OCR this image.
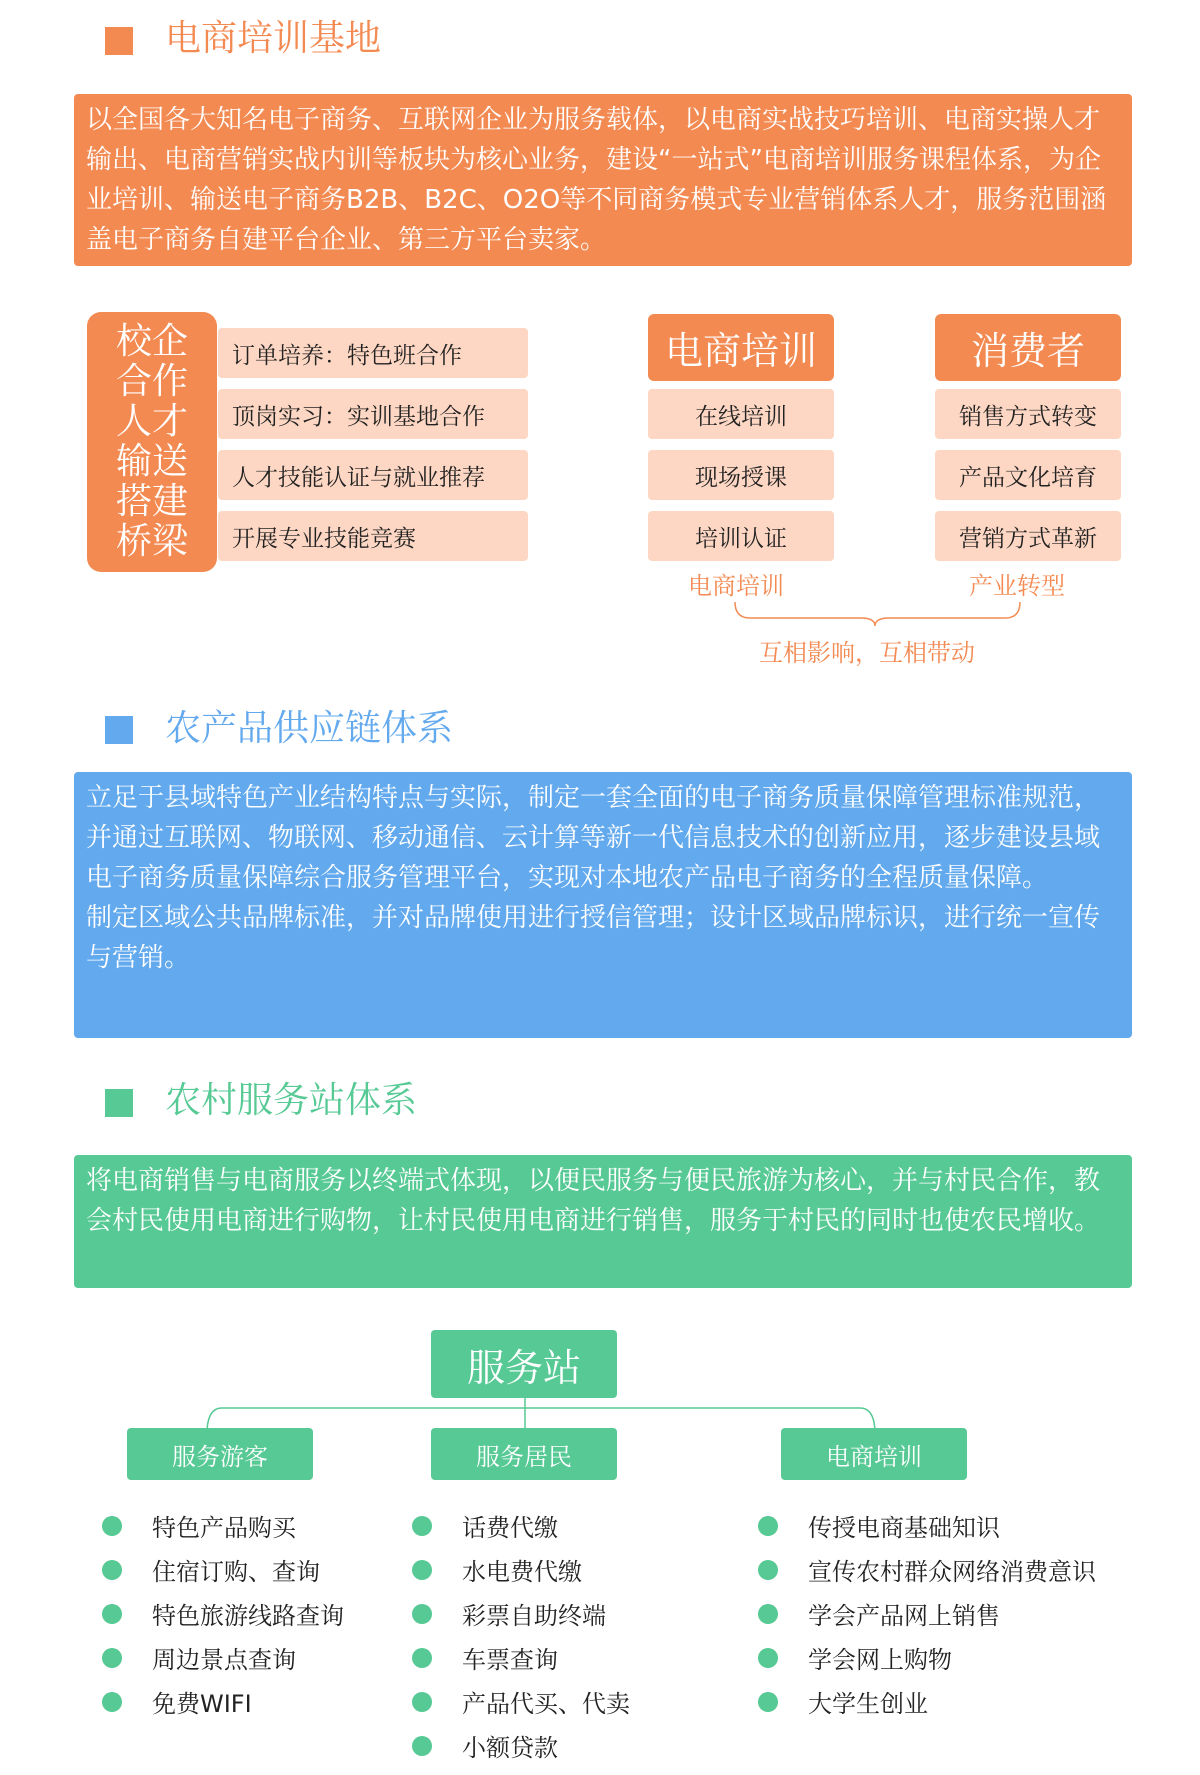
电商培训基地

以全国各大知名电子商务、互联网企业为服务载体，以电商实战技巧培训、电商实操人才输出、电商营销实战内训等板块为核心业务，建设“一站式”电商培训服务课程体系，为企业培训、输送电子商务B2B、B2C、O2O等不同商务模式专业营销体系人才，服务范围涵盖电子商务自建平台企业、第三方平台卖家。

校企
合作
人才
输送
搭建
桥梁
订单培养：特色班合作
顶岗实习：实训基地合作
人才技能认证与就业推荐
开展专业技能竞赛
电商培训
在线培训
现场授课
培训认证
电商培训
消费者
销售方式转变
产品文化培育
营销方式革新
产业转型
互相影响，互相带动
农产品供应链体系

立足于县域特色产业结构特点与实际，制定一套全面的电子商务质量保障管理标准规范，并通过互联网、物联网、移动通信、云计算等新一代信息技术的创新应用，逐步建设县域电子商务质量保障综合服务管理平台，实现对本地农产品电子商务的全程质量保障。

制定区域公共品牌标准，并对品牌使用进行授信管理；设计区域品牌标识，进行统一宣传与营销。

农村服务站体系

将电商销售与电商服务以终端式体现，以便民服务与便民旅游为核心，并与村民合作，教会村民使用电商进行购物，让村民使用电商进行销售，服务于村民的同时也使农民增收。

服务站
服务游客	服务居民	电商培训
特色产品购买
住宿订购、查询
特色旅游线路查询
周边景点查询
免费WIFI
话费代缴
水电费代缴
彩票自助终端
车票查询
产品代买、代卖
小额贷款
传授电商基础知识
宣传农村群众网络消费意识
学会产品网上销售
学会网上购物
大学生创业
